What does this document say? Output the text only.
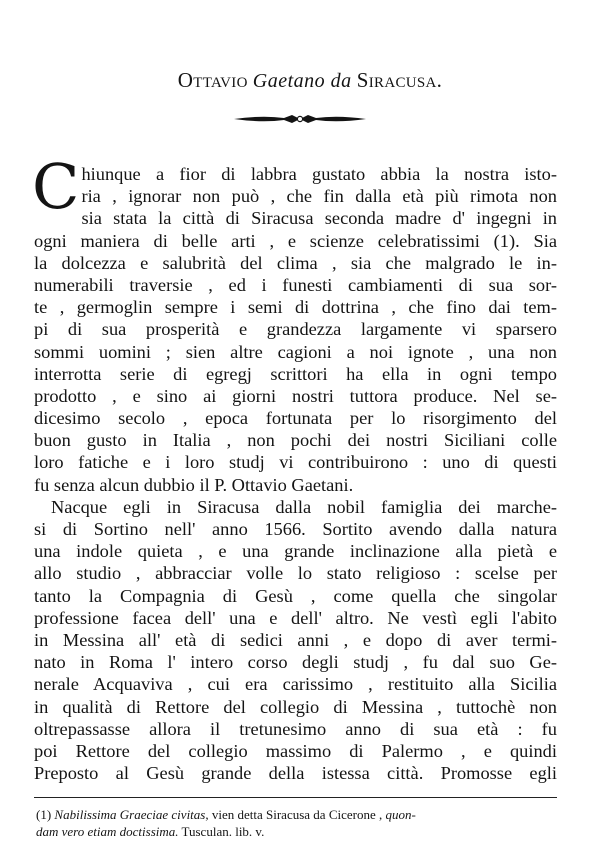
Ottavio Gaetano da Siracusa.
C hiunque a fior di labbra gustato abbia la nostra isto-
ria , ignorar non può , che fin dalla età più rimota non
sia stata la città di Siracusa seconda madre d' ingegni in
ogni maniera di belle arti , e scienze celebratissimi (1). Sia
la dolcezza e salubrità del clima , sia che malgrado le in-
numerabili traversie , ed i funesti cambiamenti di sua sor-
te , germoglin sempre i semi di dottrina , che fino dai tem-
pi di sua prosperità e grandezza largamente vi sparsero
sommi uomini ; sien altre cagioni a noi ignote , una non
interrotta serie di egregj scrittori ha ella in ogni tempo
prodotto , e sino ai giorni nostri tuttora produce. Nel se-
dicesimo secolo , epoca fortunata per lo risorgimento del
buon gusto in Italia , non pochi dei nostri Siciliani colle
loro fatiche e i loro studj vi contribuirono : uno di questi
fu senza alcun dubbio il P. Ottavio Gaetani.
Nacque egli in Siracusa dalla nobil famiglia dei marche-
si di Sortino nell' anno 1566. Sortito avendo dalla natura
una indole quieta , e una grande inclinazione alla pietà e
allo studio , abbracciar volle lo stato religioso : scelse per
tanto la Compagnia di Gesù , come quella che singolar
professione facea dell' una e dell' altro. Ne vestì egli l'abito
in Messina all' età di sedici anni , e dopo di aver termi-
nato in Roma l' intero corso degli studj , fu dal suo Ge-
nerale Acquaviva , cui era carissimo , restituito alla Sicilia
in qualità di Rettore del collegio di Messina , tuttochè non
oltrepassasse allora il tretunesimo anno di sua età : fu
poi Rettore del collegio massimo di Palermo , e quindi
Preposto al Gesù grande della istessa città. Promosse egli
(1) Nabilissima Graeciae civitas, vien detta Siracusa da Cicerone , quon-
dam vero etiam doctissima. Tusculan. lib. v.
